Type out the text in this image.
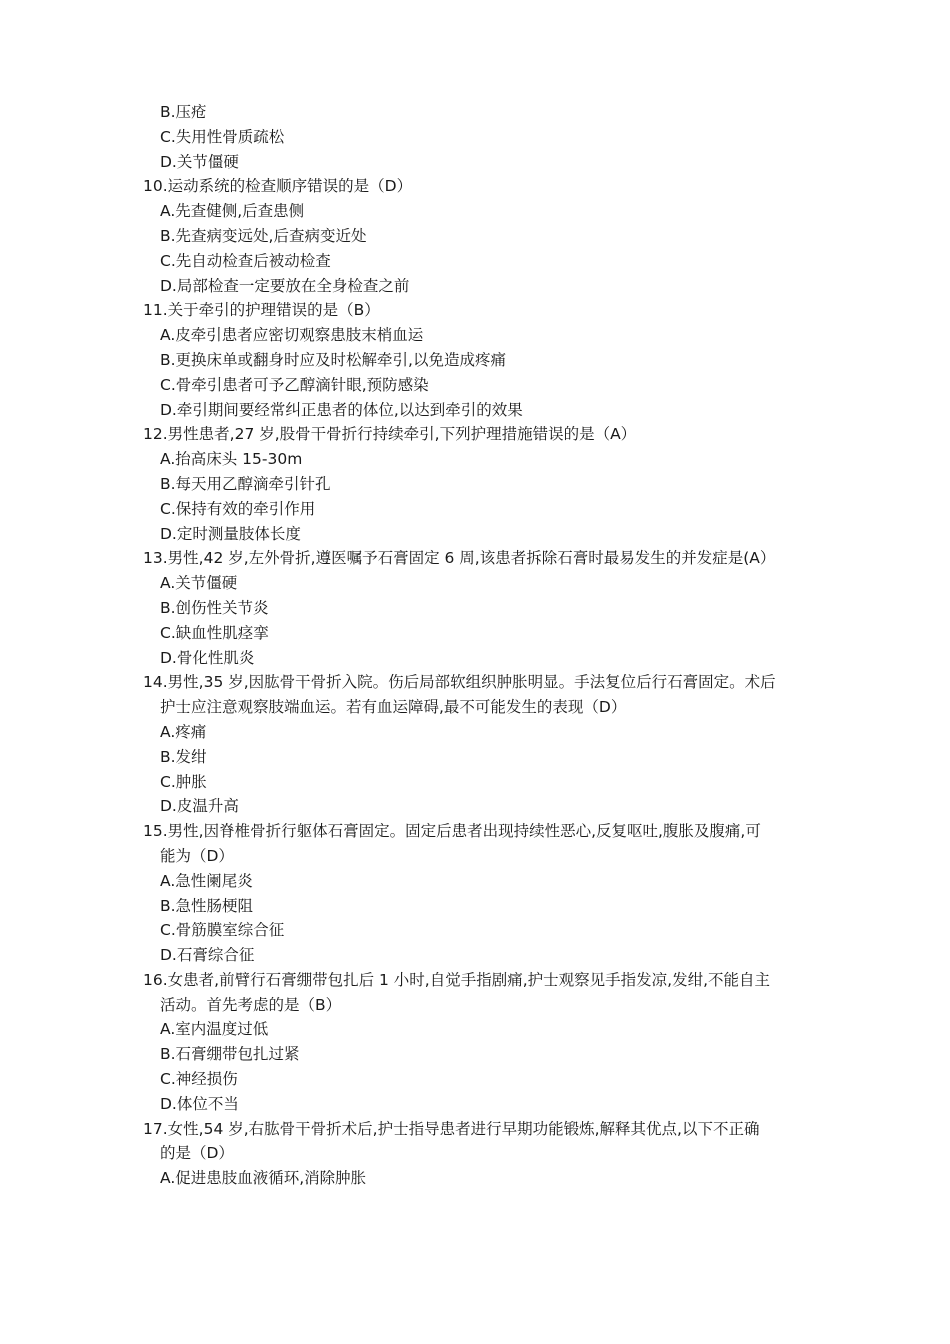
B.压疮
C.失用性骨质疏松
D.关节僵硬
10.运动系统的检查顺序错误的是（D）
A.先查健侧,后查患侧
B.先查病变远处,后查病变近处
C.先自动检查后被动检查
D.局部检查一定要放在全身检查之前
11.关于牵引的护理错误的是（B）
A.皮牵引患者应密切观察患肢末梢血运
B.更换床单或翻身时应及时松解牵引,以免造成疼痛
C.骨牵引患者可予乙醇滴针眼,预防感染
D.牵引期间要经常纠正患者的体位,以达到牵引的效果
12.男性患者,27 岁,股骨干骨折行持续牵引,下列护理措施错误的是（A）
A.抬高床头 15-30m
B.每天用乙醇滴牵引针孔
C.保持有效的牵引作用
D.定时测量肢体长度
13.男性,42 岁,左外骨折,遵医嘱予石膏固定 6 周,该患者拆除石膏时最易发生的并发症是(A）
A.关节僵硬
B.创伤性关节炎
C.缺血性肌痉挛
D.骨化性肌炎
14.男性,35 岁,因肱骨干骨折入院。伤后局部软组织肿胀明显。手法复位后行石膏固定。术后
护士应注意观察肢端血运。若有血运障碍,最不可能发生的表现（D）
A.疼痛
B.发绀
C.肿胀
D.皮温升高
15.男性,因脊椎骨折行躯体石膏固定。固定后患者出现持续性恶心,反复呕吐,腹胀及腹痛,可
能为（D）
A.急性阑尾炎
B.急性肠梗阻
C.骨筋膜室综合征
D.石膏综合征
16.女患者,前臂行石膏绷带包扎后 1 小时,自觉手指剧痛,护士观察见手指发凉,发绀,不能自主
活动。首先考虑的是（B）
A.室内温度过低
B.石膏绷带包扎过紧
C.神经损伤
D.体位不当
17.女性,54 岁,右肱骨干骨折术后,护士指导患者进行早期功能锻炼,解释其优点,以下不正确
的是（D）
A.促进患肢血液循环,消除肿胀
